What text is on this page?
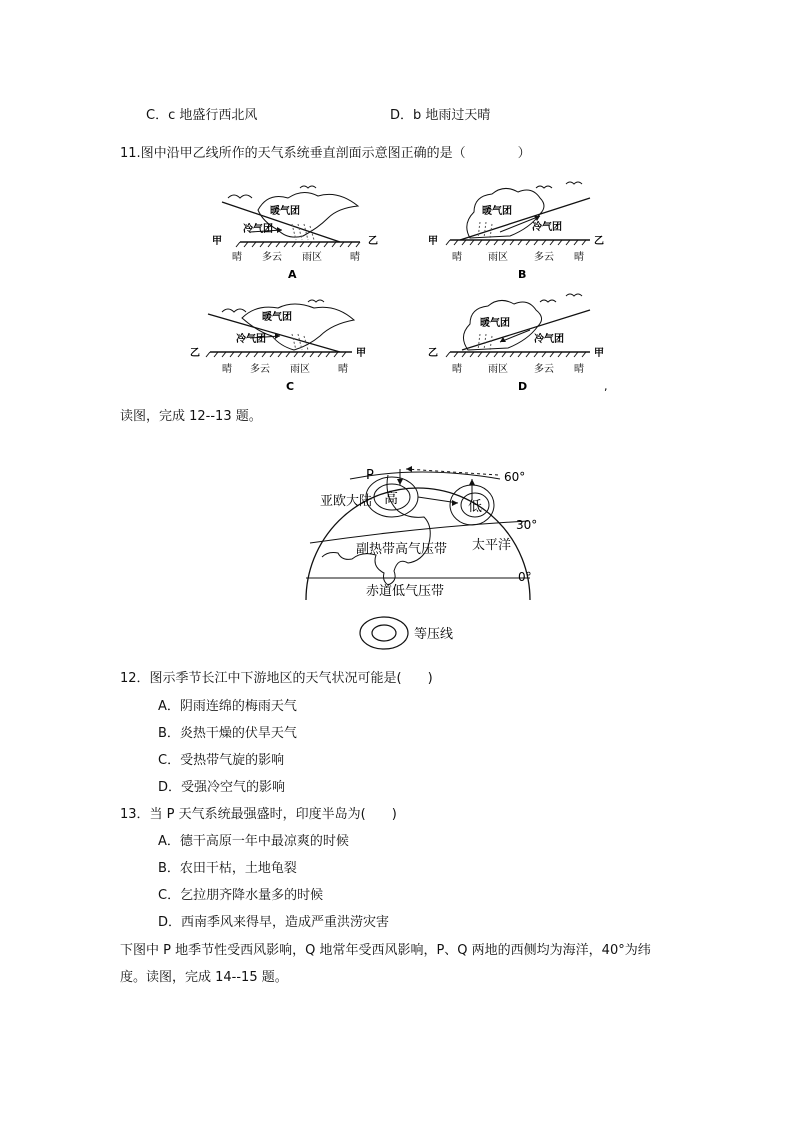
C．c 地盛行西北风	D．b 地雨过天晴
11.图中沿甲乙线所作的天气系统垂直剖面示意图正确的是（　　　　）
暖气团
冷气团
甲	乙
晴 多云 雨区	晴
A
暖气团
冷气团
甲	乙
晴	雨区	多云 晴
B
暖气团
冷气团
乙	甲
晴 多云 雨区	晴
C
暖气团
冷气团
乙	甲
晴	雨区	多云 晴
D	,
读图，完成 12--13 题。
P
高	低
亚欧大陆
太平洋
副热带高气压带
赤道低气压带
60°
30°
0°
等压线
12．图示季节长江中下游地区的天气状况可能是(　　)
A．阴雨连绵的梅雨天气
B．炎热干燥的伏旱天气
C．受热带气旋的影响
D．受强冷空气的影响
13．当 P 天气系统最强盛时，印度半岛为(　　)
A．德干高原一年中最凉爽的时候
B．农田干枯，土地龟裂
C．乞拉朋齐降水量多的时候
D．西南季风来得早，造成严重洪涝灾害
下图中 P 地季节性受西风影响，Q 地常年受西风影响，P、Q 两地的西侧均为海洋，40°为纬
度。读图，完成 14--15 题。
